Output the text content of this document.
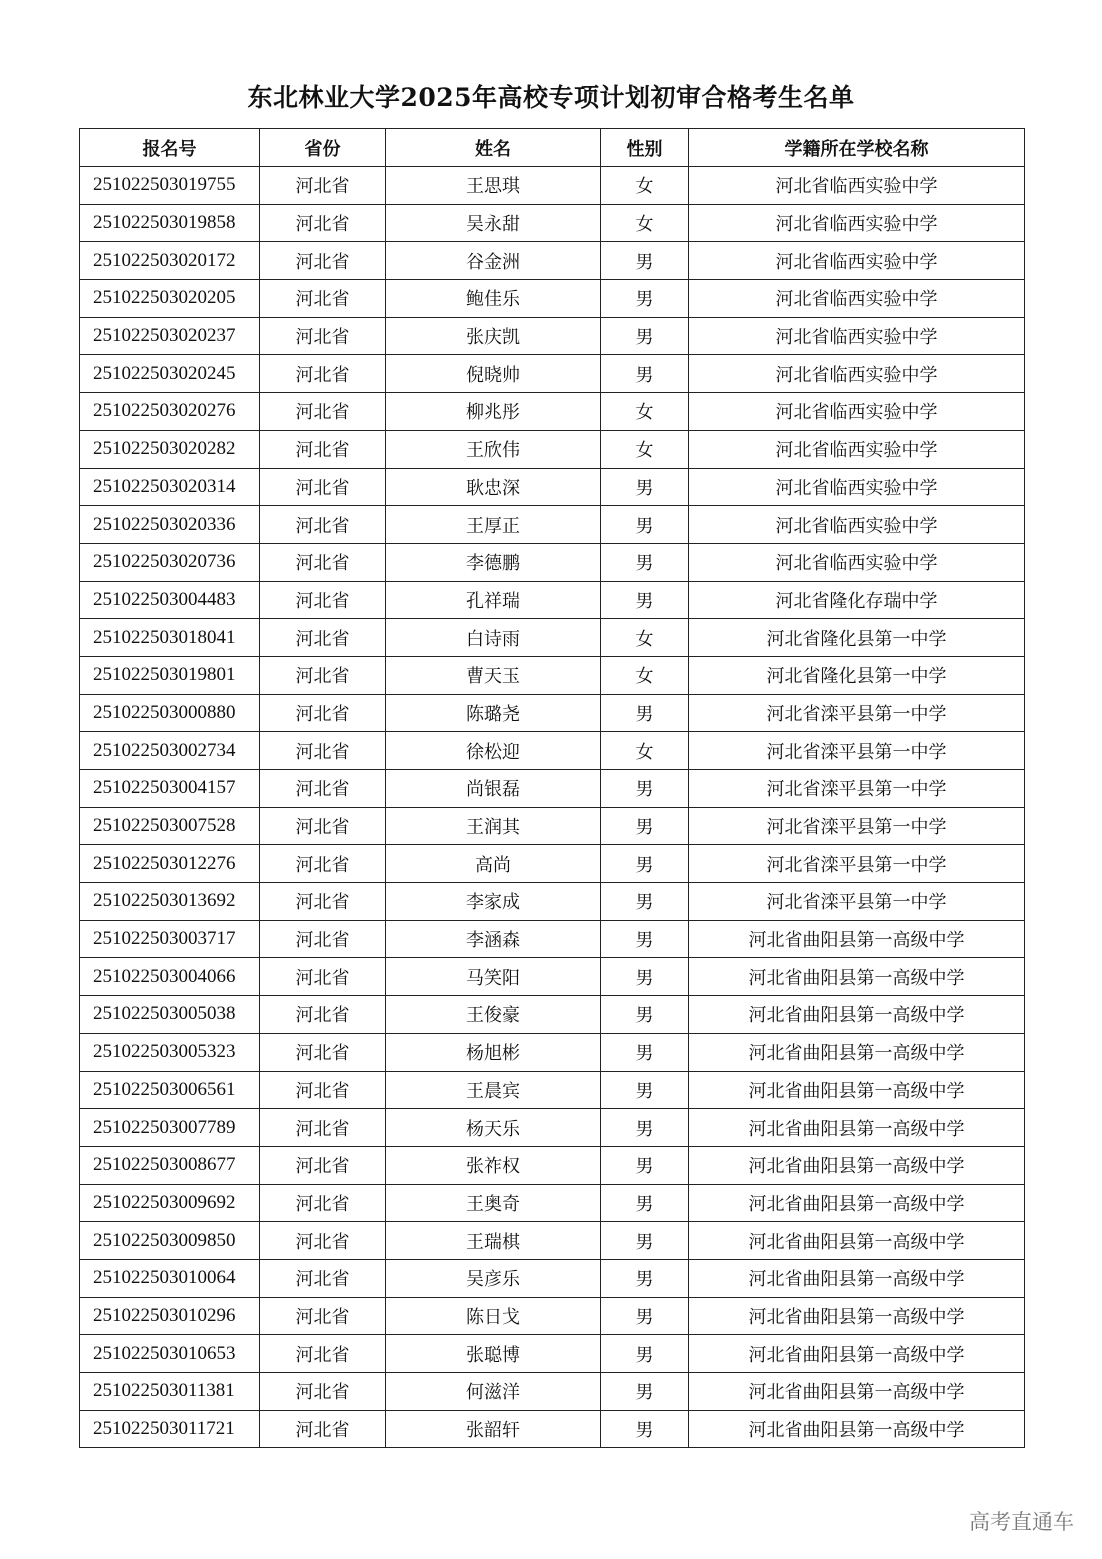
东北林业大学2025年高校专项计划初审合格考生名单
报名号	省份	姓名	性别	学籍所在学校名称
251022503019755	河北省	王思琪	女	河北省临西实验中学
251022503019858	河北省	吴永甜	女	河北省临西实验中学
251022503020172	河北省	谷金洲	男	河北省临西实验中学
251022503020205	河北省	鲍佳乐	男	河北省临西实验中学
251022503020237	河北省	张庆凯	男	河北省临西实验中学
251022503020245	河北省	倪晓帅	男	河北省临西实验中学
251022503020276	河北省	柳兆彤	女	河北省临西实验中学
251022503020282	河北省	王欣伟	女	河北省临西实验中学
251022503020314	河北省	耿忠深	男	河北省临西实验中学
251022503020336	河北省	王厚正	男	河北省临西实验中学
251022503020736	河北省	李德鹏	男	河北省临西实验中学
251022503004483	河北省	孔祥瑞	男	河北省隆化存瑞中学
251022503018041	河北省	白诗雨	女	河北省隆化县第一中学
251022503019801	河北省	曹天玉	女	河北省隆化县第一中学
251022503000880	河北省	陈璐尧	男	河北省滦平县第一中学
251022503002734	河北省	徐松迎	女	河北省滦平县第一中学
251022503004157	河北省	尚银磊	男	河北省滦平县第一中学
251022503007528	河北省	王润其	男	河北省滦平县第一中学
251022503012276	河北省	高尚	男	河北省滦平县第一中学
251022503013692	河北省	李家成	男	河北省滦平县第一中学
251022503003717	河北省	李涵森	男	河北省曲阳县第一高级中学
251022503004066	河北省	马笑阳	男	河北省曲阳县第一高级中学
251022503005038	河北省	王俊豪	男	河北省曲阳县第一高级中学
251022503005323	河北省	杨旭彬	男	河北省曲阳县第一高级中学
251022503006561	河北省	王晨宾	男	河北省曲阳县第一高级中学
251022503007789	河北省	杨天乐	男	河北省曲阳县第一高级中学
251022503008677	河北省	张祚权	男	河北省曲阳县第一高级中学
251022503009692	河北省	王奥奇	男	河北省曲阳县第一高级中学
251022503009850	河北省	王瑞棋	男	河北省曲阳县第一高级中学
251022503010064	河北省	吴彦乐	男	河北省曲阳县第一高级中学
251022503010296	河北省	陈日戈	男	河北省曲阳县第一高级中学
251022503010653	河北省	张聪博	男	河北省曲阳县第一高级中学
251022503011381	河北省	何滋洋	男	河北省曲阳县第一高级中学
251022503011721	河北省	张韶轩	男	河北省曲阳县第一高级中学
高考直通车
